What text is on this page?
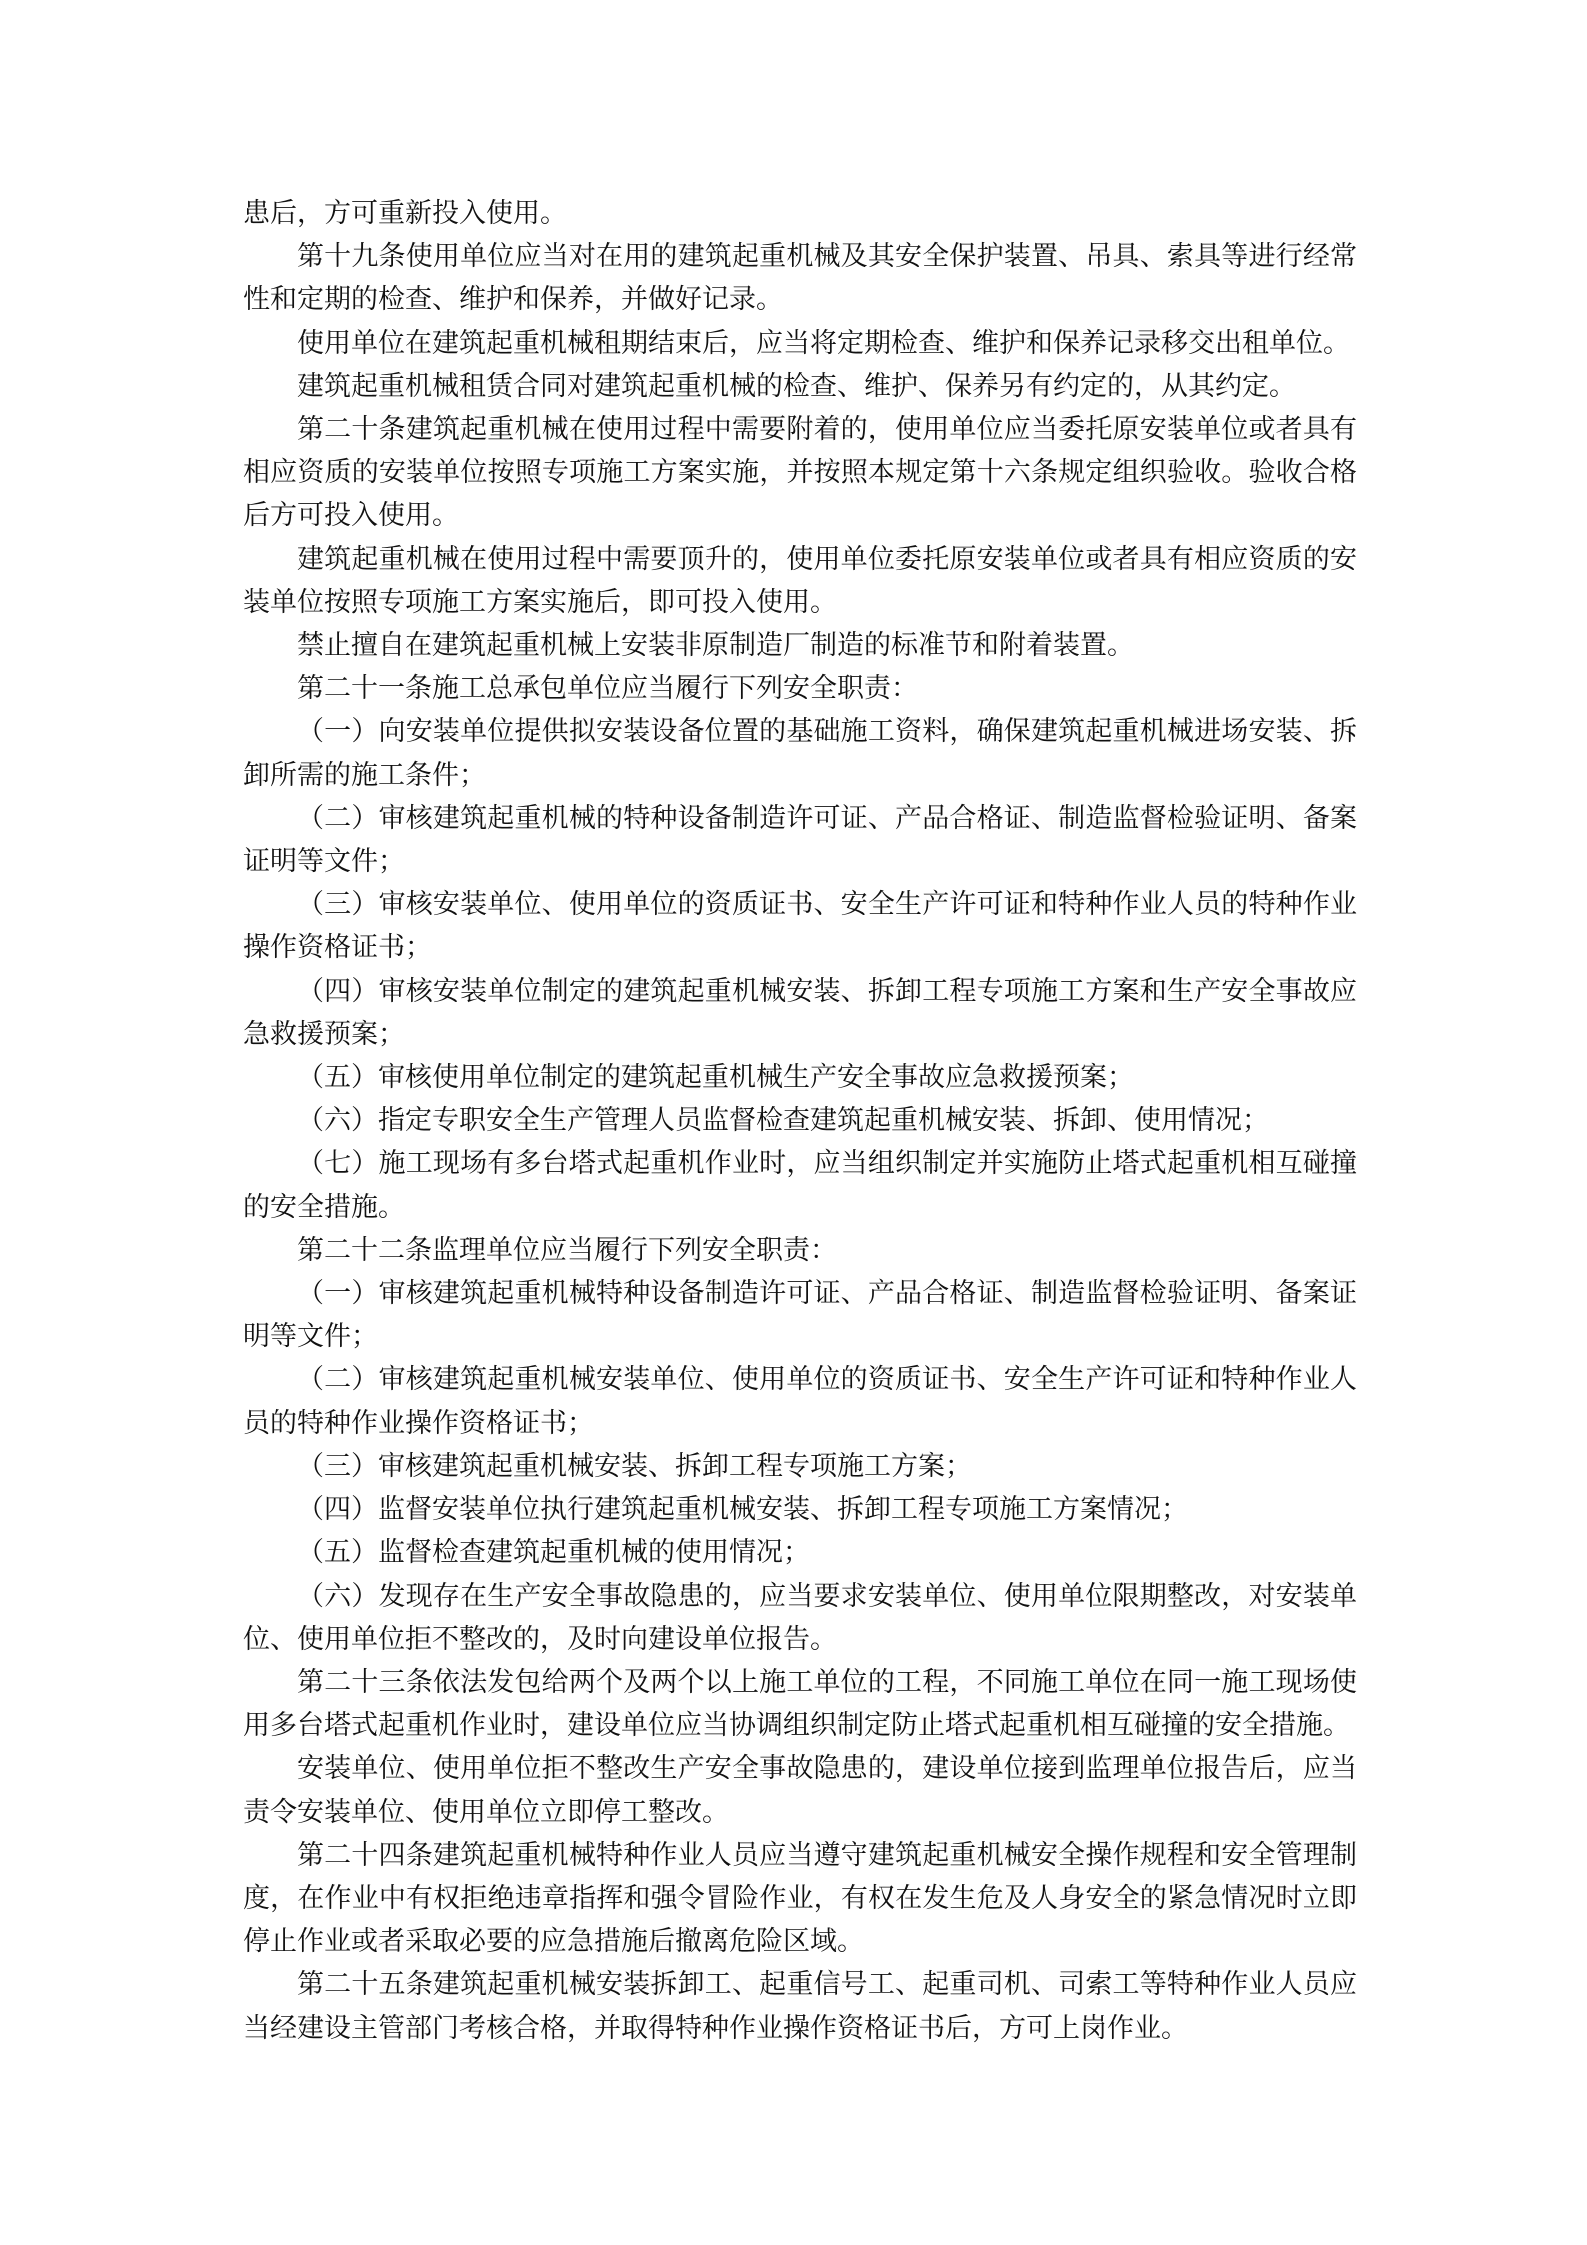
患后，方可重新投入使用。

第十九条使用单位应当对在用的建筑起重机械及其安全保护装置、吊具、索具等进行经常性和定期的检查、维护和保养，并做好记录。

使用单位在建筑起重机械租期结束后，应当将定期检查、维护和保养记录移交出租单位。

建筑起重机械租赁合同对建筑起重机械的检查、维护、保养另有约定的，从其约定。

第二十条建筑起重机械在使用过程中需要附着的，使用单位应当委托原安装单位或者具有相应资质的安装单位按照专项施工方案实施，并按照本规定第十六条规定组织验收。验收合格后方可投入使用。

建筑起重机械在使用过程中需要顶升的，使用单位委托原安装单位或者具有相应资质的安装单位按照专项施工方案实施后，即可投入使用。

禁止擅自在建筑起重机械上安装非原制造厂制造的标准节和附着装置。

第二十一条施工总承包单位应当履行下列安全职责：

（一）向安装单位提供拟安装设备位置的基础施工资料，确保建筑起重机械进场安装、拆卸所需的施工条件；

（二）审核建筑起重机械的特种设备制造许可证、产品合格证、制造监督检验证明、备案证明等文件；

（三）审核安装单位、使用单位的资质证书、安全生产许可证和特种作业人员的特种作业操作资格证书；

（四）审核安装单位制定的建筑起重机械安装、拆卸工程专项施工方案和生产安全事故应急救援预案；

（五）审核使用单位制定的建筑起重机械生产安全事故应急救援预案；

（六）指定专职安全生产管理人员监督检查建筑起重机械安装、拆卸、使用情况；

（七）施工现场有多台塔式起重机作业时，应当组织制定并实施防止塔式起重机相互碰撞的安全措施。

第二十二条监理单位应当履行下列安全职责：

（一）审核建筑起重机械特种设备制造许可证、产品合格证、制造监督检验证明、备案证明等文件；

（二）审核建筑起重机械安装单位、使用单位的资质证书、安全生产许可证和特种作业人员的特种作业操作资格证书；

（三）审核建筑起重机械安装、拆卸工程专项施工方案；

（四）监督安装单位执行建筑起重机械安装、拆卸工程专项施工方案情况；

（五）监督检查建筑起重机械的使用情况；

（六）发现存在生产安全事故隐患的，应当要求安装单位、使用单位限期整改，对安装单位、使用单位拒不整改的，及时向建设单位报告。

第二十三条依法发包给两个及两个以上施工单位的工程，不同施工单位在同一施工现场使用多台塔式起重机作业时，建设单位应当协调组织制定防止塔式起重机相互碰撞的安全措施。

安装单位、使用单位拒不整改生产安全事故隐患的，建设单位接到监理单位报告后，应当责令安装单位、使用单位立即停工整改。

第二十四条建筑起重机械特种作业人员应当遵守建筑起重机械安全操作规程和安全管理制度，在作业中有权拒绝违章指挥和强令冒险作业，有权在发生危及人身安全的紧急情况时立即停止作业或者采取必要的应急措施后撤离危险区域。

第二十五条建筑起重机械安装拆卸工、起重信号工、起重司机、司索工等特种作业人员应当经建设主管部门考核合格，并取得特种作业操作资格证书后，方可上岗作业。
